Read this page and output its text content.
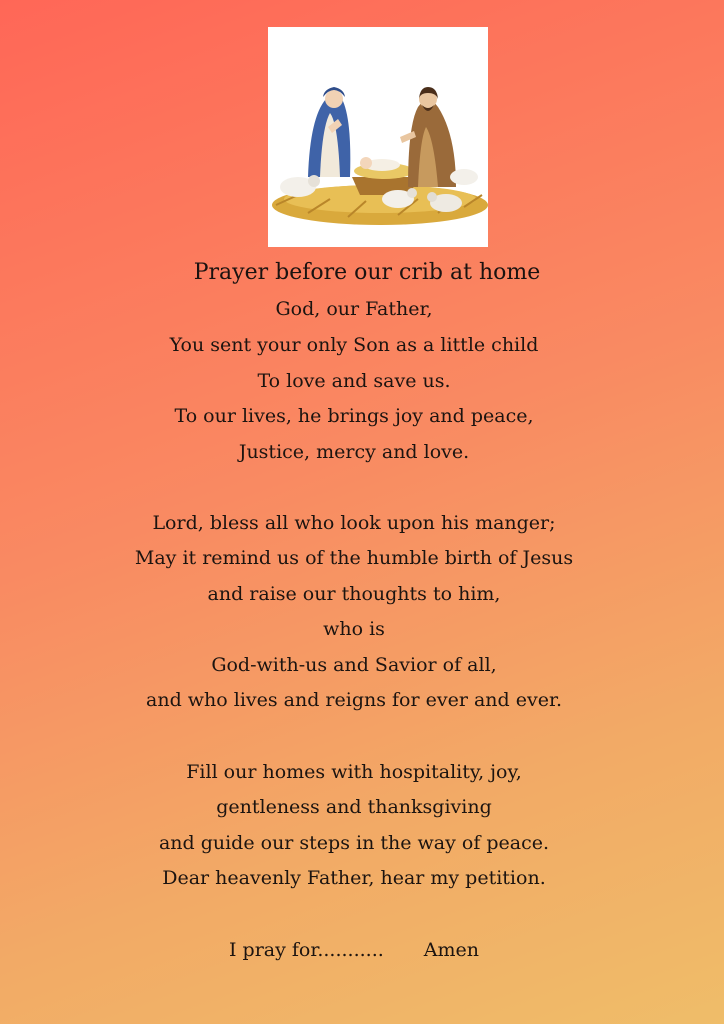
Prayer before our crib at home
God, our Father,
You sent your only Son as a little child
To love and save us.
To our lives, he brings joy and peace,
Justice, mercy and love.
Lord, bless all who look upon his manger;
May it remind us of the humble birth of Jesus
and raise our thoughts to him,
who is
God-with-us and Savior of all,
and who lives and reigns for ever and ever.
Fill our homes with hospitality, joy,
gentleness and thanksgiving
and guide our steps in the way of peace.
Dear heavenly Father, hear my petition.
I pray for........... Amen
